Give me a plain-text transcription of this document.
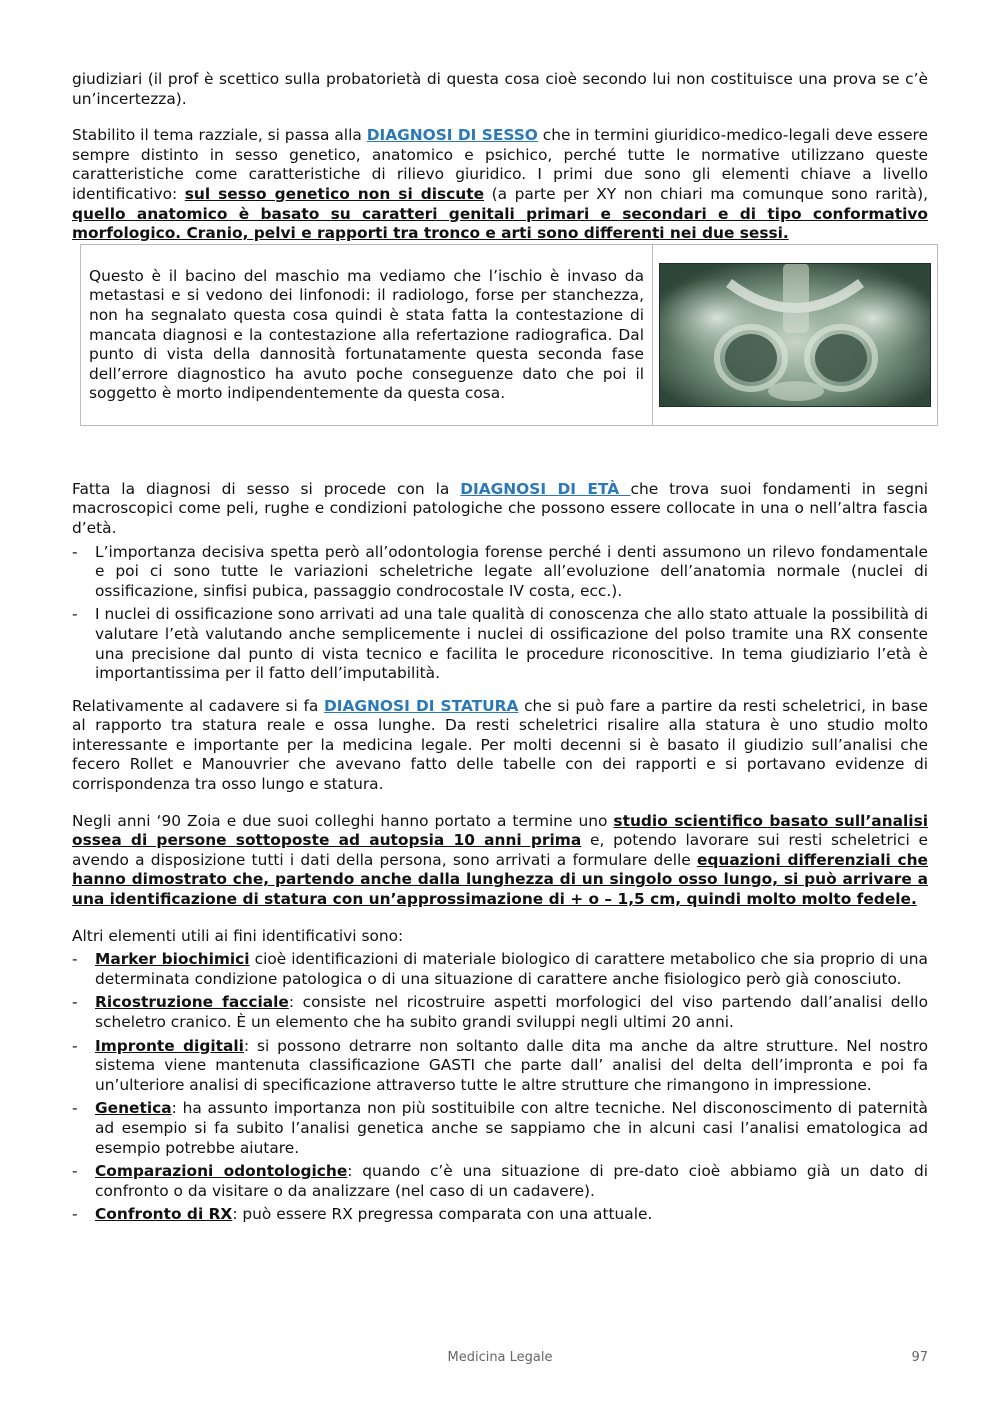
giudiziari (il prof è scettico sulla probatorietà di questa cosa cioè secondo lui non costituisce una prova se c’è un’incertezza).

Stabilito il tema razziale, si passa alla DIAGNOSI DI SESSO che in termini giuridico-medico-legali deve essere sempre distinto in sesso genetico, anatomico e psichico, perché tutte le normative utilizzano queste caratteristiche come caratteristiche di rilievo giuridico. I primi due sono gli elementi chiave a livello identificativo: sul sesso genetico non si discute (a parte per XY non chiari ma comunque sono rarità), quello anatomico è basato su caratteri genitali primari e secondari e di tipo conformativo morfologico. Cranio, pelvi e rapporti tra tronco e arti sono differenti nei due sessi.

Questo è il bacino del maschio ma vediamo che l’ischio è invaso da metastasi e si vedono dei linfonodi: il radiologo, forse per stanchezza, non ha segnalato questa cosa quindi è stata fatta la contestazione di mancata diagnosi e la contestazione alla refertazione radiografica. Dal punto di vista della dannosità fortunatamente questa seconda fase dell’errore diagnostico ha avuto poche conseguenze dato che poi il soggetto è morto indipendentemente da questa cosa.

Fatta la diagnosi di sesso si procede con la DIAGNOSI DI ETÀ che trova suoi fondamenti in segni macroscopici come peli, rughe e condizioni patologiche che possono essere collocate in una o nell’altra fascia d’età.

- L’importanza decisiva spetta però all’odontologia forense perché i denti assumono un rilevo fondamentale e poi ci sono tutte le variazioni scheletriche legate all’evoluzione dell’anatomia normale (nuclei di ossificazione, sinfisi pubica, passaggio condrocostale IV costa, ecc.).
- I nuclei di ossificazione sono arrivati ad una tale qualità di conoscenza che allo stato attuale la possibilità di valutare l’età valutando anche semplicemente i nuclei di ossificazione del polso tramite una RX consente una precisione dal punto di vista tecnico e facilita le procedure riconoscitive. In tema giudiziario l’età è importantissima per il fatto dell’imputabilità.

Relativamente al cadavere si fa DIAGNOSI DI STATURA che si può fare a partire da resti scheletrici, in base al rapporto tra statura reale e ossa lunghe. Da resti scheletrici risalire alla statura è uno studio molto interessante e importante per la medicina legale. Per molti decenni si è basato il giudizio sull’analisi che fecero Rollet e Manouvrier che avevano fatto delle tabelle con dei rapporti e si portavano evidenze di corrispondenza tra osso lungo e statura.

Negli anni ‘90 Zoia e due suoi colleghi hanno portato a termine uno studio scientifico basato sull’analisi ossea di persone sottoposte ad autopsia 10 anni prima e, potendo lavorare sui resti scheletrici e avendo a disposizione tutti i dati della persona, sono arrivati a formulare delle equazioni differenziali che hanno dimostrato che, partendo anche dalla lunghezza di un singolo osso lungo, si può arrivare a una identificazione di statura con un’approssimazione di + o – 1,5 cm, quindi molto molto fedele.

Altri elementi utili ai fini identificativi sono:

- Marker biochimici cioè identificazioni di materiale biologico di carattere metabolico che sia proprio di una determinata condizione patologica o di una situazione di carattere anche fisiologico però già conosciuto.
- Ricostruzione facciale: consiste nel ricostruire aspetti morfologici del viso partendo dall’analisi dello scheletro cranico. È un elemento che ha subito grandi sviluppi negli ultimi 20 anni.
- Impronte digitali: si possono detrarre non soltanto dalle dita ma anche da altre strutture. Nel nostro sistema viene mantenuta classificazione GASTI che parte dall’ analisi del delta dell’impronta e poi fa un’ulteriore analisi di specificazione attraverso tutte le altre strutture che rimangono in impressione.
- Genetica: ha assunto importanza non più sostituibile con altre tecniche. Nel disconoscimento di paternità ad esempio si fa subito l’analisi genetica anche se sappiamo che in alcuni casi l’analisi ematologica ad esempio potrebbe aiutare.
- Comparazioni odontologiche: quando c’è una situazione di pre-dato cioè abbiamo già un dato di confronto o da visitare o da analizzare (nel caso di un cadavere).
- Confronto di RX: può essere RX pregressa comparata con una attuale.
Medicina Legale	97
